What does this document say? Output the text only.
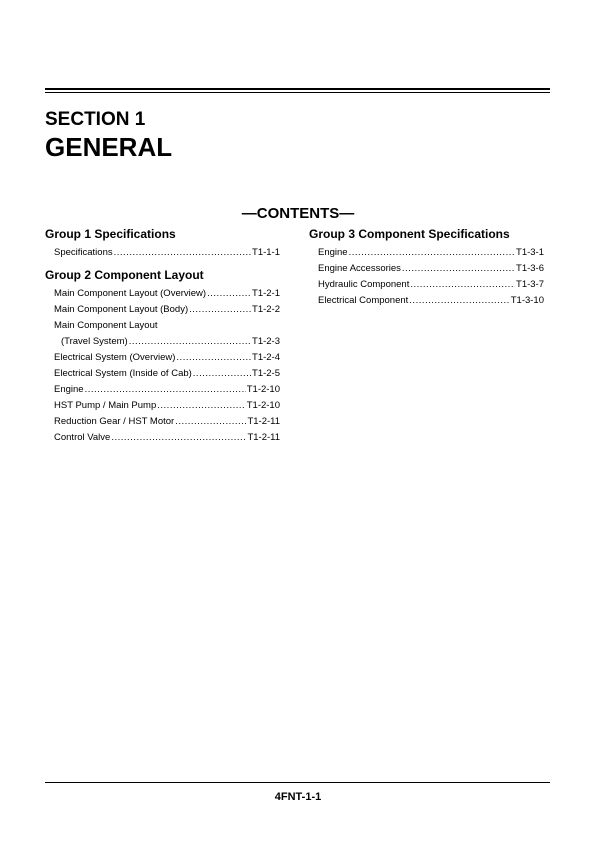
SECTION 1
GENERAL
—CONTENTS—
Group 1 Specifications
Specifications .....	T1-1-1
Group 2 Component Layout
Main Component Layout (Overview) .....	T1-2-1
Main Component Layout (Body) .....	T1-2-2
Main Component Layout
(Travel System) .....	T1-2-3
Electrical System (Overview) .....	T1-2-4
Electrical System (Inside of Cab) .....	T1-2-5
Engine .....	T1-2-10
HST Pump / Main Pump .....	T1-2-10
Reduction Gear / HST Motor .....	T1-2-11
Control Valve .....	T1-2-11
Group 3 Component Specifications
Engine .....	T1-3-1
Engine Accessories .....	T1-3-6
Hydraulic Component .....	T1-3-7
Electrical Component .....	T1-3-10
4FNT-1-1
